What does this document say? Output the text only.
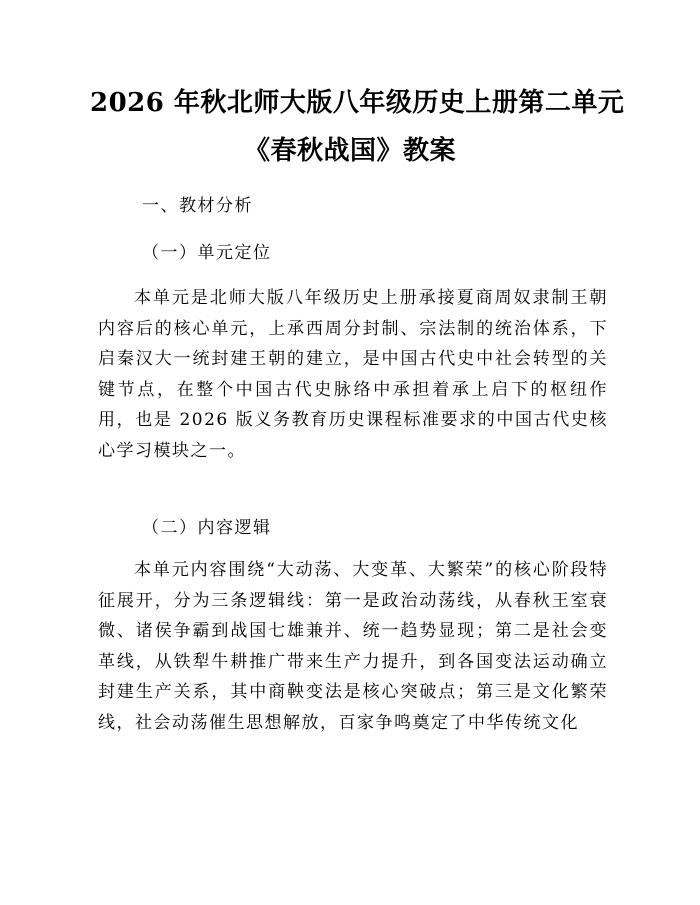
2026 年秋北师大版八年级历史上册第二单元
《春秋战国》教案
一、教材分析
（一）单元定位

本单元是北师大版八年级历史上册承接夏商周奴隶制王朝内容后的核心单元，上承西周分封制、宗法制的统治体系，下启秦汉大一统封建王朝的建立，是中国古代史中社会转型的关键节点，在整个中国古代史脉络中承担着承上启下的枢纽作用，也是 2026 版义务教育历史课程标准要求的中国古代史核心学习模块之一。

（二）内容逻辑

本单元内容围绕“大动荡、大变革、大繁荣”的核心阶段特征展开，分为三条逻辑线：第一是政治动荡线，从春秋王室衰微、诸侯争霸到战国七雄兼并、统一趋势显现；第二是社会变革线，从铁犁牛耕推广带来生产力提升，到各国变法运动确立封建生产关系，其中商鞅变法是核心突破点；第三是文化繁荣线，社会动荡催生思想解放，百家争鸣奠定了中华传统文化
